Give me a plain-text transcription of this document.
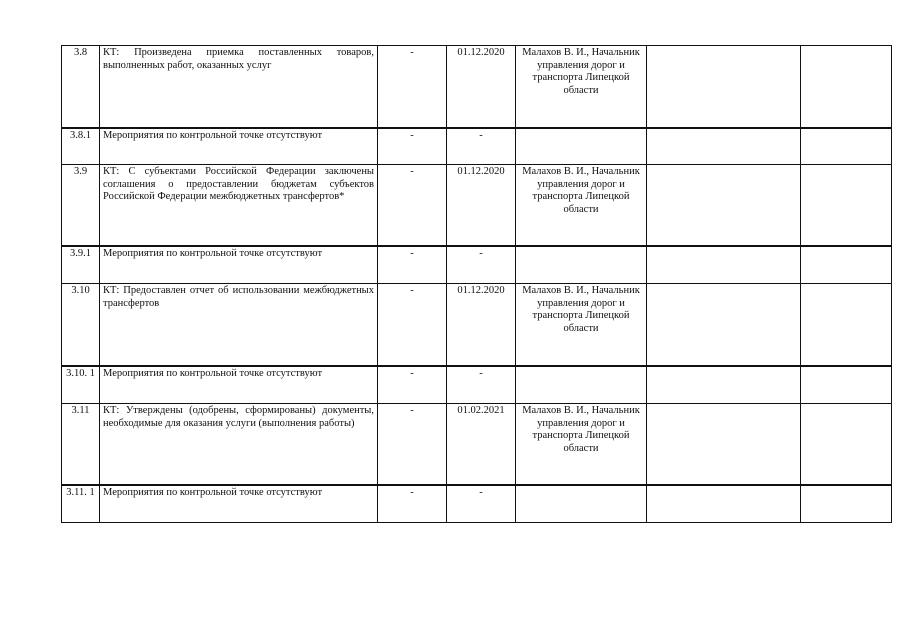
3.8	КТ: Произведена приемка поставленных товаров, выполненных работ, оказанных услуг	-	01.12.2020	Малахов В. И., Начальник управления дорог и транспорта Липецкой области		
3.8.1	Мероприятия по контрольной точке отсутствуют	-	-			
3.9	КТ: С субъектами Российской Федерации заключены соглашения о предоставлении бюджетам субъектов Российской Федерации межбюджетных трансфертов*	-	01.12.2020	Малахов В. И., Начальник управления дорог и транспорта Липецкой области		
3.9.1	Мероприятия по контрольной точке отсутствуют	-	-			
3.10	КТ: Предоставлен отчет об использовании межбюджетных трансфертов	-	01.12.2020	Малахов В. И., Начальник управления дорог и транспорта Липецкой области		
3.10. 1	Мероприятия по контрольной точке отсутствуют	-	-			
3.11	КТ: Утверждены (одобрены, сформированы) документы, необходимые для оказания услуги (выполнения работы)	-	01.02.2021	Малахов В. И., Начальник управления дорог и транспорта Липецкой области		
3.11. 1	Мероприятия по контрольной точке отсутствуют	-	-			
